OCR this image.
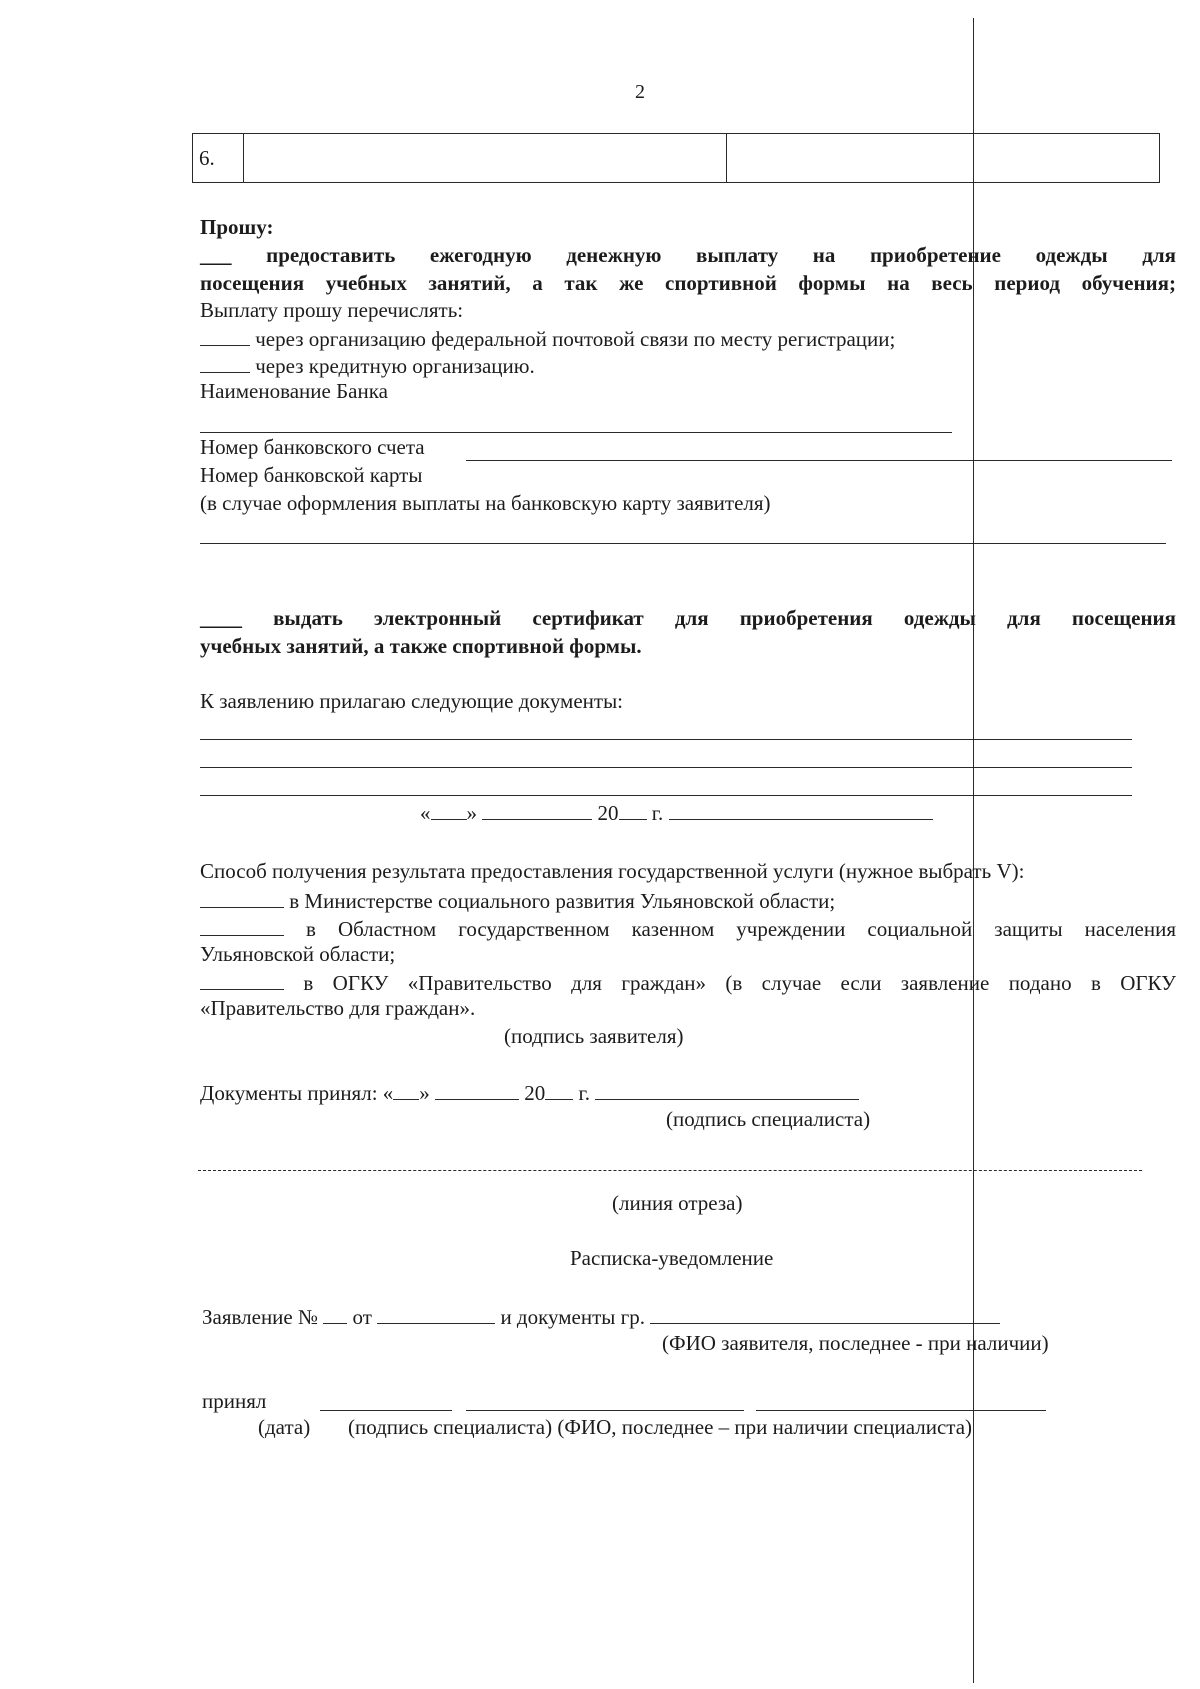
2
6.		
Прошу:
___ предоставить ежегодную денежную выплату на приобретение одежды для
посещения учебных занятий, а так же спортивной формы на весь период обучения;
Выплату прошу перечислять:
через организацию федеральной почтовой связи по месту регистрации;
через кредитную организацию.
Наименование Банка
Номер банковского счета
Номер банковской карты
(в случае оформления выплаты на банковскую карту заявителя)
____ выдать электронный сертификат для приобретения одежды для посещения
учебных занятий, а также спортивной формы.
К заявлению прилагаю следующие документы:
« »	20 г.
Способ получения результата предоставления государственной услуги (нужное выбрать V):
в Министерстве социального развития Ульяновской области;
в Областном государственном казенном учреждении социальной защиты населения
Ульяновской области;
в ОГКУ «Правительство для граждан» (в случае если заявление подано в ОГКУ
«Правительство для граждан».
(подпись заявителя)
Документы принял: « »	20 г.
(подпись специалиста)
(линия отреза)
Расписка-уведомление
Заявление № от	и документы гр.
(ФИО заявителя, последнее - при наличии)
принял
(дата) (подпись специалиста) (ФИО, последнее – при наличии специалиста)
